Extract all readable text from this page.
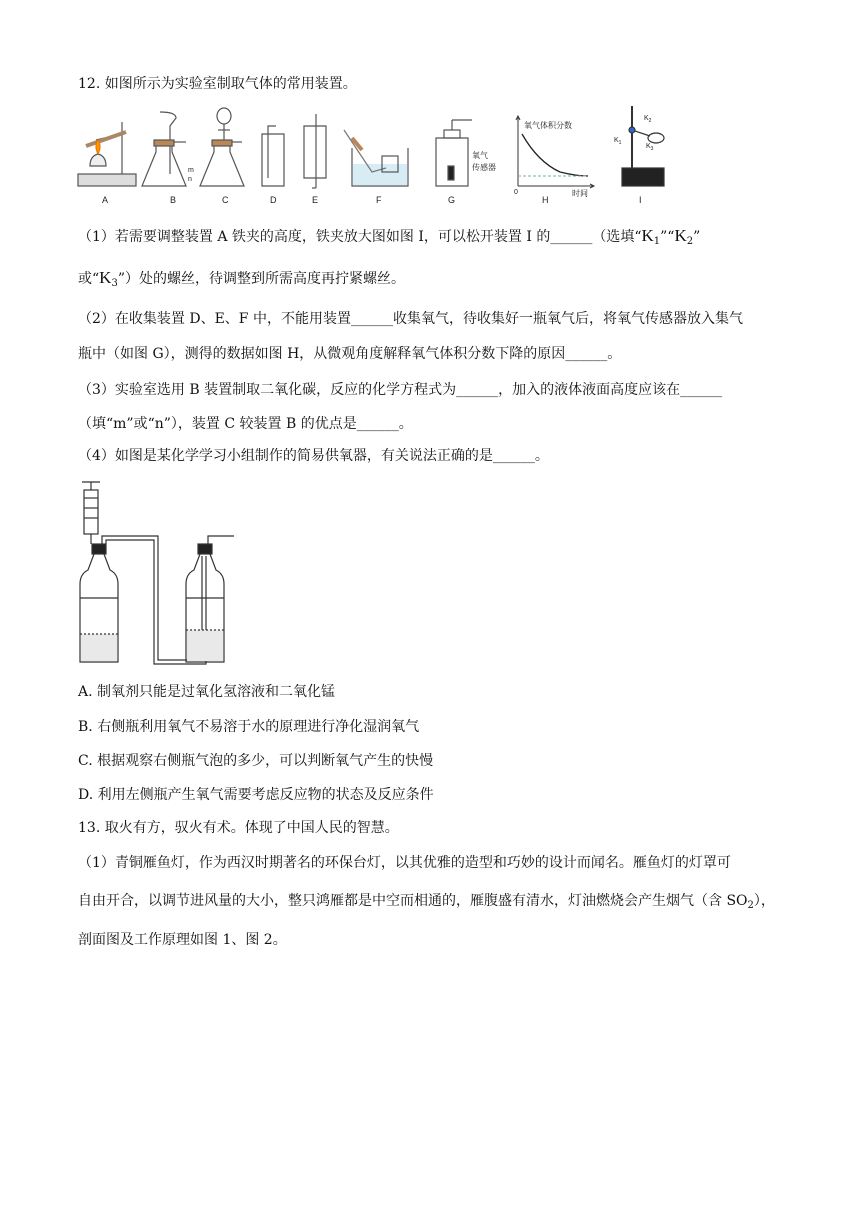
12. 如图所示为实验室制取气体的常用装置。
A
m
n
B	C	D	E	F
氧气
传感器
G
氧气体积分数
时间
0
H
$K_1$
$K_2$
$K_3$
I
（1）若需要调整装置 A 铁夹的高度，铁夹放大图如图 I，可以松开装置 I 的______（选填“$K_1”“K_2$”
或“$K_3$”）处的螺丝，待调整到所需高度再拧紧螺丝。
（2）在收集装置 D、E、F 中，不能用装置______收集氧气，待收集好一瓶氧气后，将氧气传感器放入集气
瓶中（如图 G），测得的数据如图 H，从微观角度解释氧气体积分数下降的原因______。
（3）实验室选用 B 装置制取二氧化碳，反应的化学方程式为______，加入的液体液面高度应该在______
（填“m”或“n”），装置 C 较装置 B 的优点是______。
（4）如图是某化学学习小组制作的简易供氧器，有关说法正确的是______。
A. 制氧剂只能是过氧化氢溶液和二氧化锰
B. 右侧瓶利用氧气不易溶于水的原理进行净化湿润氧气
C. 根据观察右侧瓶气泡的多少，可以判断氧气产生的快慢
D. 利用左侧瓶产生氧气需要考虑反应物的状态及反应条件
13. 取火有方，驭火有术。体现了中国人民的智慧。
（1）青铜雁鱼灯，作为西汉时期著名的环保台灯，以其优雅的造型和巧妙的设计而闻名。雁鱼灯的灯罩可
自由开合，以调节进风量的大小，整只鸿雁都是中空而相通的，雁腹盛有清水，灯油燃烧会产生烟气（含 $SO_2$），
剖面图及工作原理如图 1、图 2。
